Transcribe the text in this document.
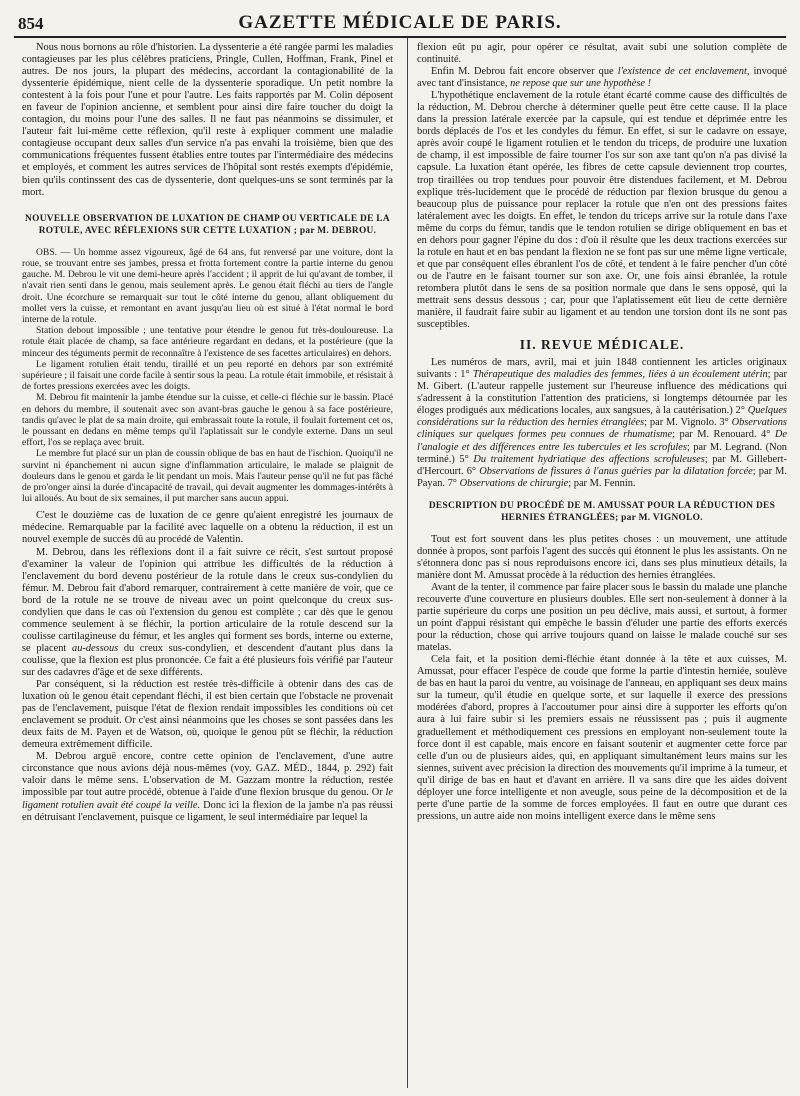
854	GAZETTE MÉDICALE DE PARIS.

Nous nous bornons au rôle d'historien. La dyssenterie a été rangée parmi les maladies contagieuses par les plus célèbres praticiens, Pringle, Cullen, Hoffman, Frank, Pinel et autres. De nos jours, la plupart des médecins, accordant la contagionabilité de la dyssenterie épidémique, nient celle de la dyssenterie sporadique. Un petit nombre la contestent à la fois pour l'une et pour l'autre. Les faits rapportés par M. Colin déposent en faveur de l'opinion ancienne, et semblent pour ainsi dire faire toucher du doigt la contagion, du moins pour l'une des salles. Il ne faut pas néanmoins se dissimuler, et l'auteur fait lui-même cette réflexion, qu'il reste à expliquer comment une maladie contagieuse occupant deux salles d'un service n'a pas envahi la troisième, bien que des communications fréquentes fussent établies entre toutes par l'intermédiaire des médecins et employés, et comment les autres services de l'hôpital sont restés exempts d'épidémie, bien qu'ils continssent des cas de dyssenterie, dont quelques-uns se sont terminés par la mort.

NOUVELLE OBSERVATION DE LUXATION DE CHAMP OU VERTICALE DE LA ROTULE, AVEC RÉFLEXIONS SUR CETTE LUXATION ; par M. DEBROU.

OBS. — Un homme assez vigoureux, âgé de 64 ans, fut renversé par une voiture, dont la roue, se trouvant entre ses jambes, pressa et frotta fortement contre la partie interne du genou gauche. M. Debrou le vit une demi-heure après l'accident ; il apprit de lui qu'avant de tomber, il n'avait rien senti dans le genou, mais seulement après. Le genou était fléchi au tiers de l'angle droit. Une écorchure se remarquait sur tout le côté interne du genou, allant obliquement du mollet vers la cuisse, et remontant en avant jusqu'au lieu où est situé à l'état normal le bord interne de la rotule.

Station debout impossible ; une tentative pour étendre le genou fut très-douloureuse. La rotule était placée de champ, sa face antérieure regardant en dedans, et la postérieure (que la minceur des téguments permit de reconnaître à l'existence de ses facettes articulaires) en dehors.

Le ligament rotulien était tendu, tiraillé et un peu reporté en dehors par son extrémité supérieure ; il faisait une corde facile à sentir sous la peau. La rotule était immobile, et résistait à de fortes pressions exercées avec les doigts.

M. Debrou fit maintenir la jambe étendue sur la cuisse, et celle-ci fléchie sur le bassin. Placé en dehors du membre, il soutenait avec son avant-bras gauche le genou à sa face postérieure, tandis qu'avec le plat de sa main droite, qui embrassait toute la rotule, il foulait fortement cet os, le poussant en dedans en même temps qu'il l'aplatissait sur le condyle externe. Dans un seul effort, l'os se replaça avec bruit.

Le membre fut placé sur un plan de coussin oblique de bas en haut de l'ischion. Quoiqu'il ne survint ni épanchement ni aucun signe d'inflammation articulaire, le malade se plaignit de douleurs dans le genou et garda le lit pendant un mois. Mais l'auteur pense qu'il ne fut pas fâché de pro'onger ainsi la durée d'incapacité de travail, qui devait augmenter les dommages-intérêts à lui alloués. Au bout de six semaines, il put marcher sans aucun appui.

C'est le douzième cas de luxation de ce genre qu'aient enregistré les journaux de médecine. Remarquable par la facilité avec laquelle on a obtenu la réduction, il est un nouvel exemple de succès dû au procédé de Valentin.

M. Debrou, dans les réflexions dont il a fait suivre ce récit, s'est surtout proposé d'examiner la valeur de l'opinion qui attribue les difficultés de la réduction à l'enclavement du bord devenu postérieur de la rotule dans le creux sus-condylien du fémur. M. Debrou fait d'abord remarquer, contrairement à cette manière de voir, que ce bord de la rotule ne se trouve de niveau avec un point quelconque du creux sus-condylien que dans le cas où l'extension du genou est complète ; car dès que le genou commence seulement à se fléchir, la portion articulaire de la rotule descend sur la coulisse cartilagineuse du fémur, et les angles qui forment ses bords, interne ou externe, se placent au-dessous du creux sus-condylien, et descendent d'autant plus dans la coulisse, que la flexion est plus prononcée. Ce fait a été plusieurs fois vérifié par l'auteur sur des cadavres d'âge et de sexe différents.

Par conséquent, si la réduction est restée très-difficile à obtenir dans des cas de luxation où le genou était cependant fléchi, il est bien certain que l'obstacle ne provenait pas de l'enclavement, puisque l'état de flexion rendait impossibles les conditions où cet enclavement se produit. Or c'est ainsi néanmoins que les choses se sont passées dans les deux faits de M. Payen et de Watson, où, quoique le genou pût se fléchir, la réduction demeura extrêmement difficile.

M. Debrou arguë encore, contre cette opinion de l'enclavement, d'une autre circonstance que nous avions déjà nous-mêmes (voy. GAZ. MÉD., 1844, p. 292) fait valoir dans le même sens. L'observation de M. Gazzam montre la réduction, restée impossible par tout autre procédé, obtenue à l'aide d'une flexion brusque du genou. Or le ligament rotulien avait été coupé la veille. Donc ici la flexion de la jambe n'a pas réussi en détruisant l'enclavement, puisque ce ligament, le seul intermédiaire par lequel la

flexion eût pu agir, pour opérer ce résultat, avait subi une solution complète de continuité.

Enfin M. Debrou fait encore observer que l'existence de cet enclavement, invoqué avec tant d'insistance, ne repose que sur une hypothèse !

L'hypothétique enclavement de la rotule étant écarté comme cause des difficultés de la réduction, M. Debrou cherche à déterminer quelle peut être cette cause. Il la place dans la pression latérale exercée par la capsule, qui est tendue et déprimée entre les bords déplacés de l'os et les condyles du fémur. En effet, si sur le cadavre on essaye, après avoir coupé le ligament rotulien et le tendon du triceps, de produire une luxation de champ, il est impossible de faire tourner l'os sur son axe tant qu'on n'a pas divisé la capsule. La luxation étant opérée, les fibres de cette capsule deviennent trop courtes, trop tiraillées ou trop tendues pour pouvoir être distendues facilement, et M. Debrou explique très-lucidement que le procédé de réduction par flexion brusque du genou a beaucoup plus de puissance pour replacer la rotule que n'en ont des pressions faites latéralement avec les doigts. En effet, le tendon du triceps arrive sur la rotule dans l'axe même du corps du fémur, tandis que le tendon rotulien se dirige obliquement en bas et en dehors pour gagner l'épine du dos : d'où il résulte que les deux tractions exercées sur la rotule en haut et en bas pendant la flexion ne se font pas sur une même ligne verticale, et que par conséquent elles ébranlent l'os de côté, et tendent à le faire pencher d'un côté ou de l'autre en le faisant tourner sur son axe. Or, une fois ainsi ébranlée, la rotule retombera plutôt dans le sens de sa position normale que dans le sens opposé, qui la mettrait sens dessus dessous ; car, pour que l'aplatissement eût lieu de cette dernière manière, il faudrait faire subir au ligament et au tendon une torsion dont ils ne sont pas susceptibles.

II. REVUE MÉDICALE.

Les numéros de mars, avril, mai et juin 1848 contiennent les articles originaux suivants : 1° Thérapeutique des maladies des femmes, liées à un écoulement utérin; par M. Gibert. (L'auteur rappelle justement sur l'heureuse influence des médications qui s'adressent à la constitution l'attention des praticiens, si longtemps détournée par les éloges prodigués aux médications locales, aux sangsues, à la cautérisation.) 2° Quelques considérations sur la réduction des hernies étranglées; par M. Vignolo. 3° Observations cliniques sur quelques formes peu connues de rhumatisme; par M. Renouard. 4° De l'analogie et des différences entre les tubercules et les scrofules; par M. Legrand. (Non terminé.) 5° Du traitement hydriatique des affections scrofuleuses; par M. Gillebert-d'Hercourt. 6° Observations de fissures à l'anus guéries par la dilatation forcée; par M. Payan. 7° Observations de chirurgie; par M. Fennin.

DESCRIPTION DU PROCÉDÉ DE M. AMUSSAT POUR LA RÉDUCTION DES HERNIES ÉTRANGLÉES; par M. VIGNOLO.

Tout est fort souvent dans les plus petites choses : un mouvement, une attitude donnée à propos, sont parfois l'agent des succès qui étonnent le plus les assistants. On ne s'étonnera donc pas si nous reproduisons encore ici, dans ses plus minutieux détails, la manière dont M. Amussat procède à la réduction des hernies étranglées.

Avant de la tenter, il commence par faire placer sous le bassin du malade une planche recouverte d'une couverture en plusieurs doubles. Elle sert non-seulement à donner à la partie supérieure du corps une position un peu déclive, mais aussi, et surtout, à former un point d'appui résistant qui empêche le bassin d'éluder une partie des efforts exercés pour la réduction, chose qui arrive toujours quand on laisse le malade couché sur ses matelas.

Cela fait, et la position demi-fléchie étant donnée à la tête et aux cuisses, M. Amussat, pour effacer l'espèce de coude que forme la partie d'intestin herniée, soulève de bas en haut la paroi du ventre, au voisinage de l'anneau, en appliquant ses deux mains sur la tumeur, qu'il étudie en quelque sorte, et sur laquelle il exerce des pressions modérées d'abord, propres à l'accoutumer pour ainsi dire à supporter les efforts qu'on aura à lui faire subir si les premiers essais ne réussissent pas ; puis il augmente graduellement et méthodiquement ces pressions en employant non-seulement toute la force dont il est capable, mais encore en faisant soutenir et augmenter cette force par celle d'un ou de plusieurs aides, qui, en appliquant simultanément leurs mains sur les siennes, suivent avec précision la direction des mouvements qu'il imprime à la tumeur, et qu'il dirige de bas en haut et d'avant en arrière. Il va sans dire que les aides doivent déployer une force intelligente et non aveugle, sous peine de la décomposition et de la perte d'une partie de la somme de forces employées. Il faut en outre que durant ces pressions, un autre aide non moins intelligent exerce dans le même sens
